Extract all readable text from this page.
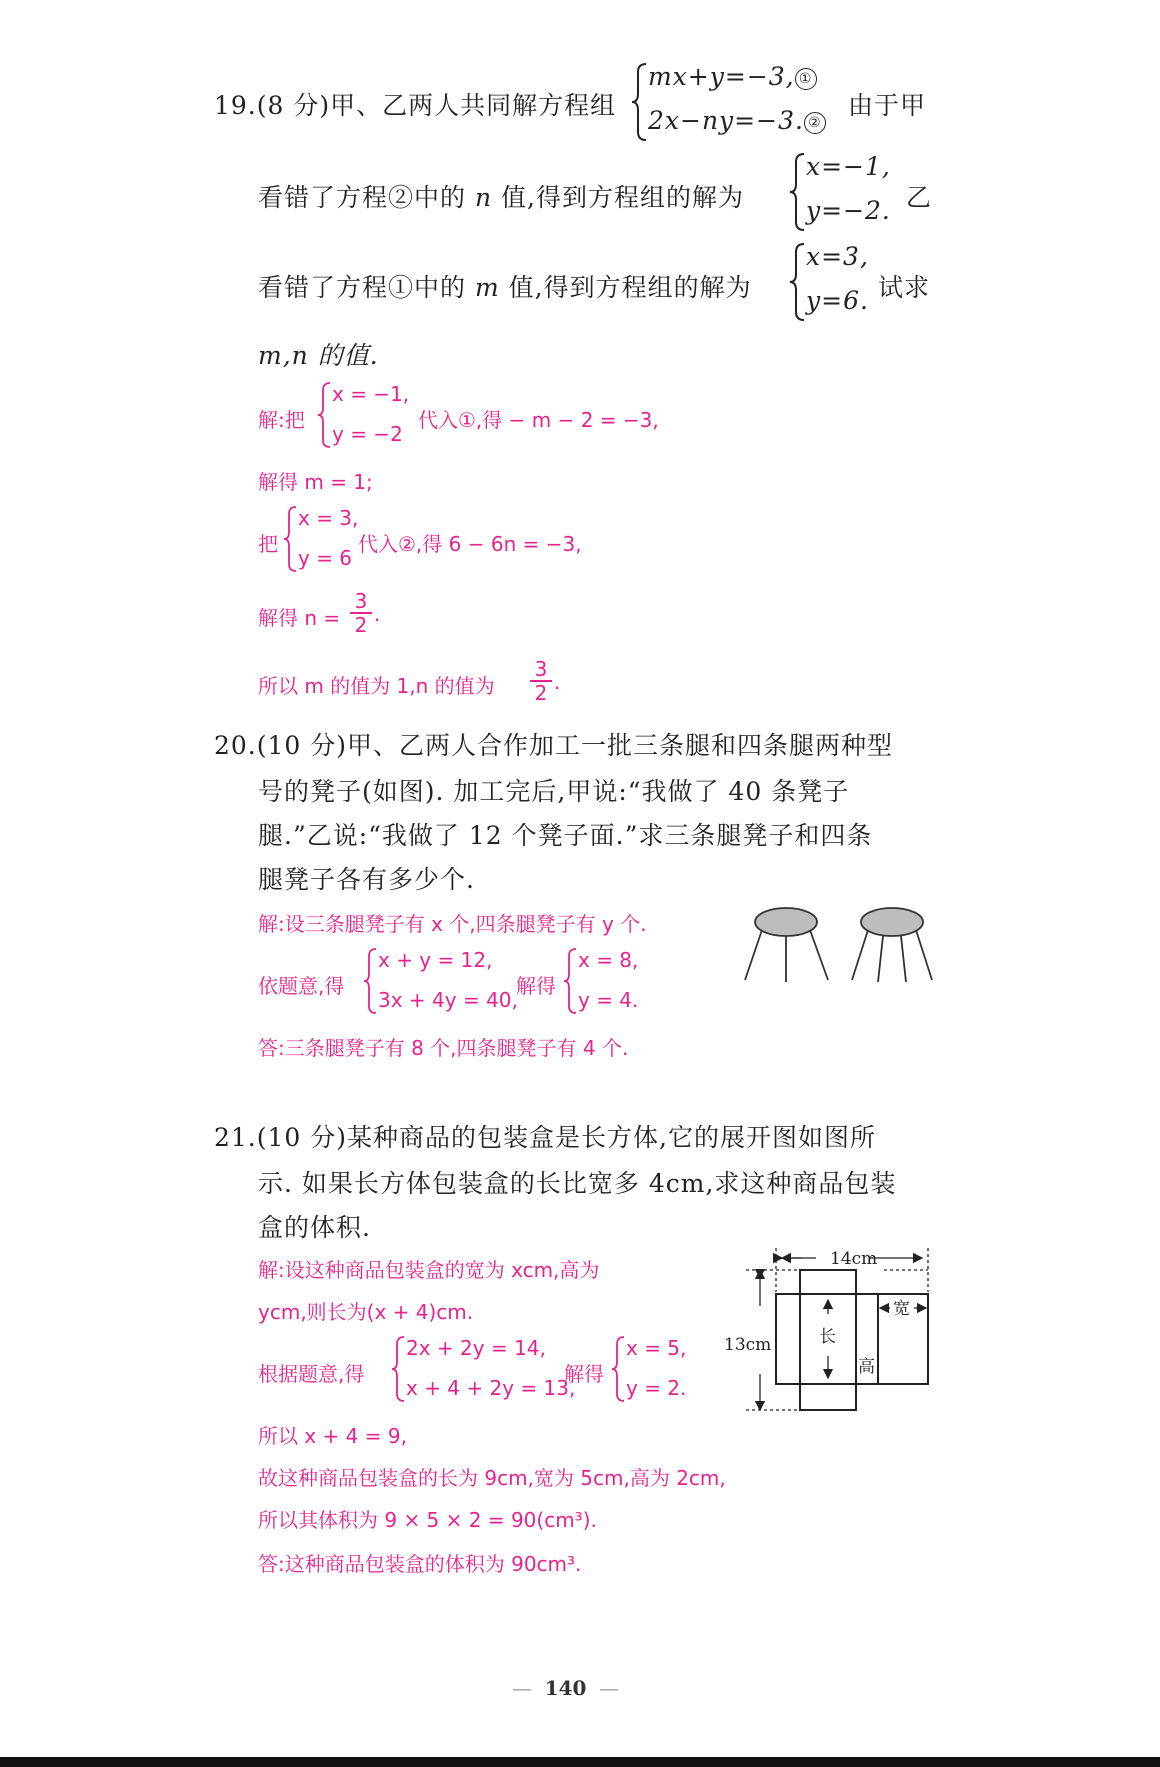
19.(8 分)甲、乙两人共同解方程组
mx+y=−3, ①
2x−ny=−3. ②
由于甲
看错了方程②中的 n 值,得到方程组的解为
x=−1,
y=−2. 乙
看错了方程①中的 m 值,得到方程组的解为
x=3,
y=6. 试求
m,n 的值.
解:把
x = −1,
y = −2
代入①,得 − m − 2 = −3,
解得 m = 1;
把
x = 3,
y = 6
代入②,得 6 − 6n = −3,
解得 n =
3
2 .
所以 m 的值为 1,n 的值为
3
2 .
20.(10 分)甲、乙两人合作加工一批三条腿和四条腿两种型
号的凳子(如图). 加工完后,甲说:“我做了 40 条凳子
腿.”乙说:“我做了 12 个凳子面.”求三条腿凳子和四条
腿凳子各有多少个.
解:设三条腿凳子有 x 个,四条腿凳子有 y 个.
依题意,得
x + y = 12,
3x + 4y = 40,
解得
x = 8,
y = 4.
答:三条腿凳子有 8 个,四条腿凳子有 4 个.
21.(10 分)某种商品的包装盒是长方体,它的展开图如图所
示. 如果长方体包装盒的长比宽多 4cm,求这种商品包装
盒的体积.
解:设这种商品包装盒的宽为 xcm,高为
ycm,则长为(x + 4)cm.
根据题意,得
2x + 2y = 14,
x + 4 + 2y = 13,
解得
x = 5,
y = 2.
所以 x + 4 = 9,
故这种商品包装盒的长为 9cm,宽为 5cm,高为 2cm,
所以其体积为 9 × 5 × 2 = 90(cm³).
答:这种商品包装盒的体积为 90cm³.
14cm
13cm	长
高
宽
—  140  —
